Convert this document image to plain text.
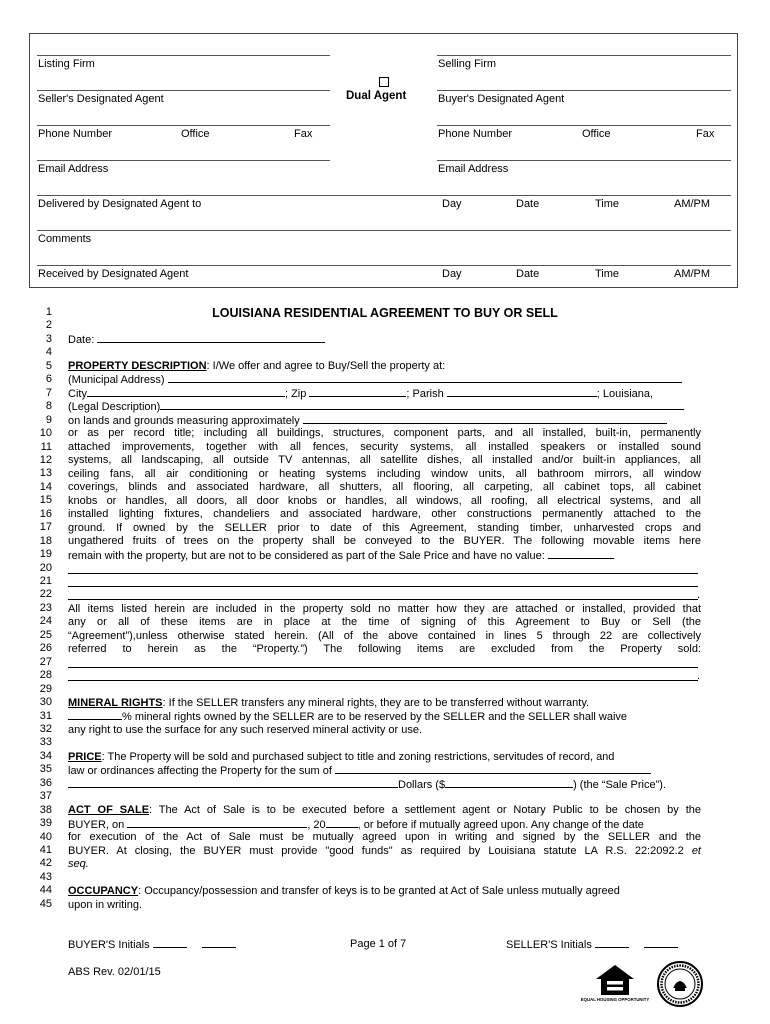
Listing Firm	Selling Firm
Dual Agent
Seller's Designated Agent	Buyer's Designated Agent
Phone Number	Office	Fax	Phone Number	Office	Fax
Email Address	Email Address
Delivered by Designated Agent to	Day	Date	Time	AM/PM
Comments
Received by Designated Agent	Day	Date	Time	AM/PM
LOUISIANA RESIDENTIAL AGREEMENT TO BUY OR SELL
1
2
3
4
5
6
7
8
9
10
11
12
13
14
15
16
17
18
19
20
21
22
23
24
25
26
27
28
29
30
31
32
33
34
35
36
37
38
39
40
41
42
43
44
45
Date:
PROPERTY DESCRIPTION: I/We offer and agree to Buy/Sell the property at:
(Municipal Address)
City	; Zip	; Parish	; Louisiana,
(Legal Description)
on lands and grounds measuring approximately
or as per record title; including all buildings, structures, component parts, and all installed, built-in, permanently
attached improvements, together with all fences, security systems, all installed speakers or installed sound
systems, all landscaping, all outside TV antennas, all satellite dishes, all installed and/or built-in appliances, all
ceiling fans, all air conditioning or heating systems including window units, all bathroom mirrors, all window
coverings, blinds and associated hardware, all shutters, all flooring, all carpeting, all cabinet tops, all cabinet
knobs or handles, all doors, all door knobs or handles, all windows, all roofing, all electrical systems, and all
installed lighting fixtures, chandeliers and associated hardware, other constructions permanently attached to the
ground. If owned by the SELLER prior to date of this Agreement, standing timber, unharvested crops and
ungathered fruits of trees on the property shall be conveyed to the BUYER. The following movable items here
remain with the property, but are not to be considered as part of the Sale Price and have no value:
.
All items listed herein are included in the property sold no matter how they are attached or installed, provided that
any or all of these items are in place at the time of signing of this Agreement to Buy or Sell (the
“Agreement”),unless otherwise stated herein. (All of the above contained in lines 5 through 22 are collectively
referred to herein as the “Property.”) The following items are excluded from the Property sold:
.
MINERAL RIGHTS: If the SELLER transfers any mineral rights, they are to be transferred without warranty.
% mineral rights owned by the SELLER are to be reserved by the SELLER and the SELLER shall waive
any right to use the surface for any such reserved mineral activity or use.
PRICE: The Property will be sold and purchased subject to title and zoning restrictions, servitudes of record, and
law or ordinances affecting the Property for the sum of
Dollars ($	) (the “Sale Price”).
ACT OF SALE: The Act of Sale is to be executed before a settlement agent or Notary Public to be chosen by the
BUYER, on	, 20	, or before if mutually agreed upon. Any change of the date
for execution of the Act of Sale must be mutually agreed upon in writing and signed by the SELLER and the
BUYER. At closing, the BUYER must provide "good funds" as required by Louisiana statute LA R.S. 22:2092.2 et
seq.
OCCUPANCY: Occupancy/possession and transfer of keys is to be granted at Act of Sale unless mutually agreed
upon in writing.
BUYER'S Initials	Page 1 of 7	SELLER'S Initials
ABS Rev. 02/01/15
EQUAL HOUSING OPPORTUNITY
